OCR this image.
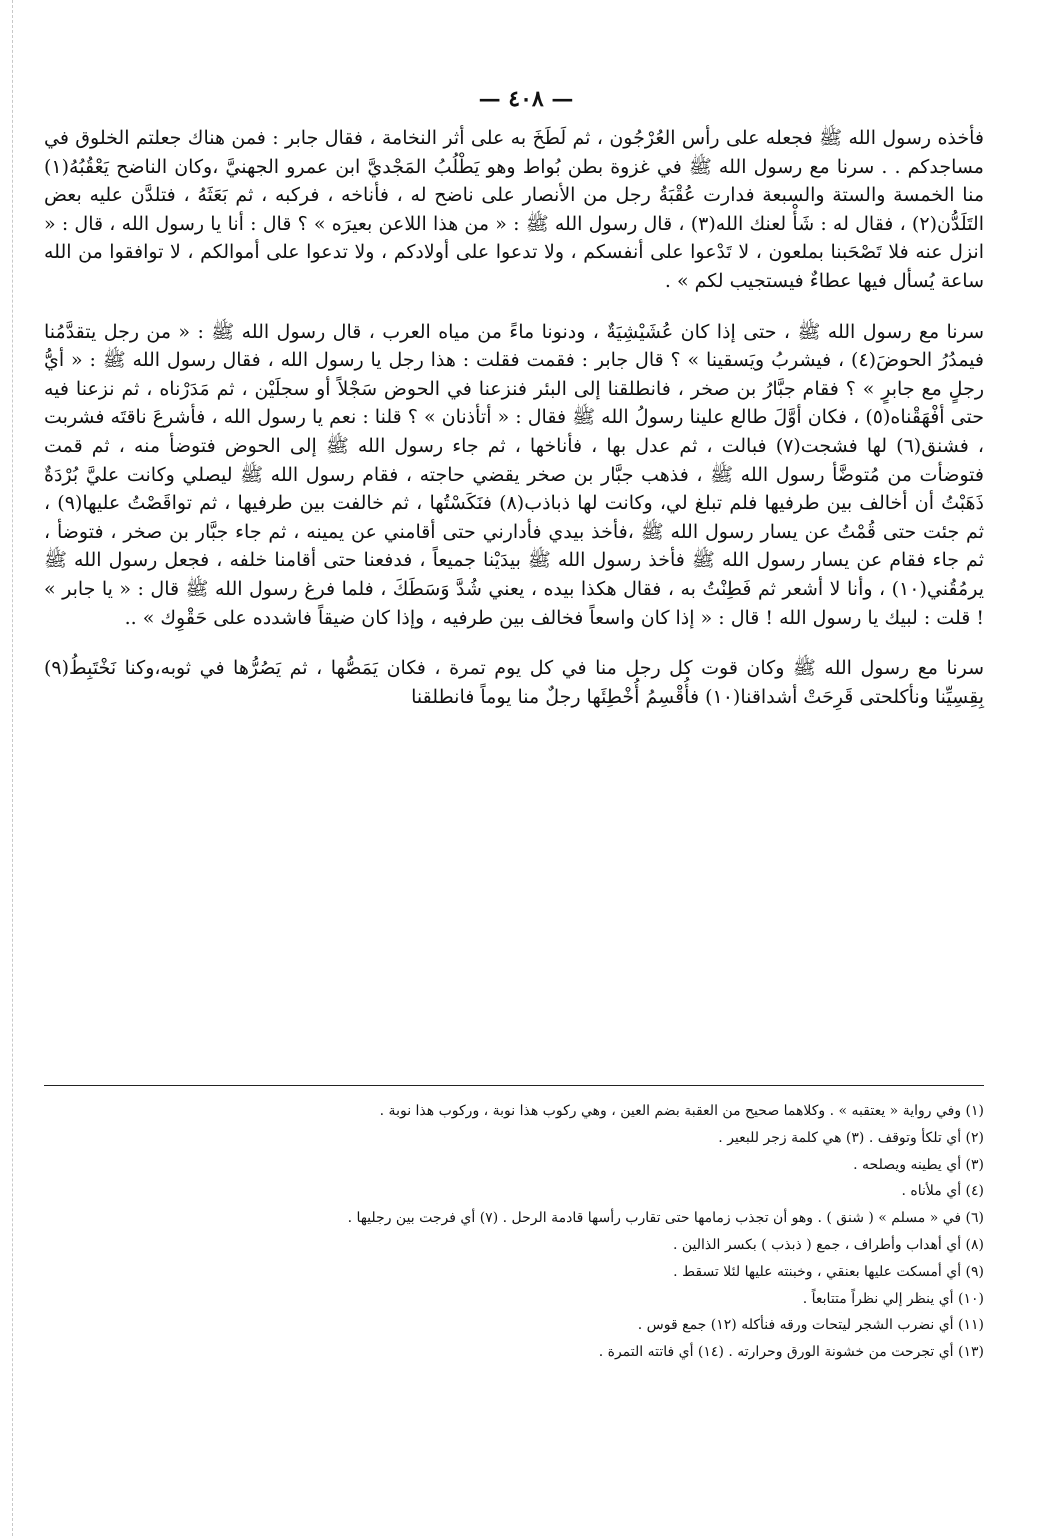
— ٤٠٨ —

فأخذه رسول الله ﷺ فجعله على رأس العُرْجُون ، ثم لَطَخَ به على أثر النخامة ، فقال جابر : فمن هناك جعلتم الخلوق في مساجدكم . . سرنا مع رسول الله ﷺ في غزوة بطن بُواط وهو يَطْلُبُ المَجْديَّ ابن عمرو الجهنيَّ ،وكان الناضح يَعْقُبُهُ(١) منا الخمسة والستة والسبعة فدارت عُقْبَةُ رجل من الأنصار على ناضح له ، فأناخه ، فركبه ، ثم بَعَثَهُ ، فتلدَّن عليه بعض التَلَدُّن(٢) ، فقال له : شَأْ لعنك الله(٣) ، قال رسول الله ﷺ : « من هذا اللاعن بعيرَه » ؟ قال : أنا يا رسول الله ، قال : « انزل عنه فلا تَصْحَبنا بملعون ، لا تَدْعوا على أنفسكم ، ولا تدعوا على أولادكم ، ولا تدعوا على أموالكم ، لا توافقوا من الله ساعة يُسأل فيها عطاءٌ فيستجيب لكم » .

سرنا مع رسول الله ﷺ ، حتى إذا كان عُشَيْشِيَةٌ ، ودنونا ماءً من مياه العرب ، قال رسول الله ﷺ : « من رجل يتقدَّمُنا فيمدُرُ الحوضَ(٤) ، فيشربُ ويَسقينا » ؟ قال جابر : فقمت فقلت : هذا رجل يا رسول الله ، فقال رسول الله ﷺ : « أيُّ رجلٍ مع جابرٍ » ؟ فقام جبَّارُ بن صخر ، فانطلقنا إلى البئر فنزعنا في الحوض سَجْلاً أو سجلَيْن ، ثم مَدَرْناه ، ثم نزعنا فيه حتى أفْهَقْناه(٥) ، فكان أوَّلَ طالع علينا رسولُ الله ﷺ فقال : « أتأذنان » ؟ قلنا : نعم يا رسول الله ، فأشرعَ ناقتَه فشربت ، فشنق(٦) لها فشجت(٧) فبالت ، ثم عدل بها ، فأناخها ، ثم جاء رسول الله ﷺ إلى الحوض فتوضأ منه ، ثم قمت فتوضأت من مُتوضَّأ رسول الله ﷺ ، فذهب جبَّار بن صخر يقضي حاجته ، فقام رسول الله ﷺ ليصلي وكانت عليَّ بُرْدَةٌ ذَهَبْتُ أن أخالف بين طرفيها فلم تبلغ لي، وكانت لها ذباذب(٨) فنَكَسْتُها ، ثم خالفت بين طرفيها ، ثم تواقَصْتُ عليها(٩) ، ثم جئت حتى قُمْتُ عن يسار رسول الله ﷺ ،فأخذ بيدي فأدارني حتى أقامني عن يمينه ، ثم جاء جبَّار بن صخر ، فتوضأ ، ثم جاء فقام عن يسار رسول الله ﷺ فأخذ رسول الله ﷺ بيدَيْنا جميعاً ، فدفعنا حتى أقامنا خلفه ، فجعل رسول الله ﷺ يرمُقُني(١٠) ، وأنا لا أشعر ثم فَطِنْتُ به ، فقال هكذا بيده ، يعني شُدَّ وَسَطَكَ ، فلما فرغ رسول الله ﷺ قال : « يا جابر » ! قلت : لبيك يا رسول الله ! قال : « إذا كان واسعاً فخالف بين طرفيه ، وإذا كان ضيقاً فاشدده على حَقْوِك » ..

سرنا مع رسول الله ﷺ وكان قوت كل رجل منا في كل يوم تمرة ، فكان يَمَصُّها ، ثم يَصُرُّها في ثوبه،وكنا نَخْتَبِطُ(٩) بِقِسِيِّنا ونأكلحتى قَرِحَتْ أشداقنا(١٠) فأُقْسِمُ أُخْطِئَها رجلٌ منا يوماً فانطلقنا

(١) وفي رواية « يعتقبه » . وكلاهما صحيح من العقبة بضم العين ، وهي ركوب هذا نوبة ، وركوب هذا نوبة .
(٢) أي تلكأ وتوقف . (٣) هي كلمة زجر للبعير .
(٣) أي يطينه ويصلحه .
(٤) أي ملأناه .
(٦) في « مسلم » ( شنق ) . وهو أن تجذب زمامها حتى تقارب رأسها قادمة الرحل . (٧) أي فرجت بين رجليها .
(٨) أي أهداب وأطراف ، جمع ( ذبذب ) بكسر الذالين .
(٩) أي أمسكت عليها بعنقي ، وخبنته عليها لئلا تسقط .
(١٠) أي ينظر إلي نظراً متتابعاً .
(١١) أي نضرب الشجر ليتحات ورقه فنأكله (١٢) جمع قوس .
(١٣) أي تجرحت من خشونة الورق وحرارته . (١٤) أي فاتته التمرة .
